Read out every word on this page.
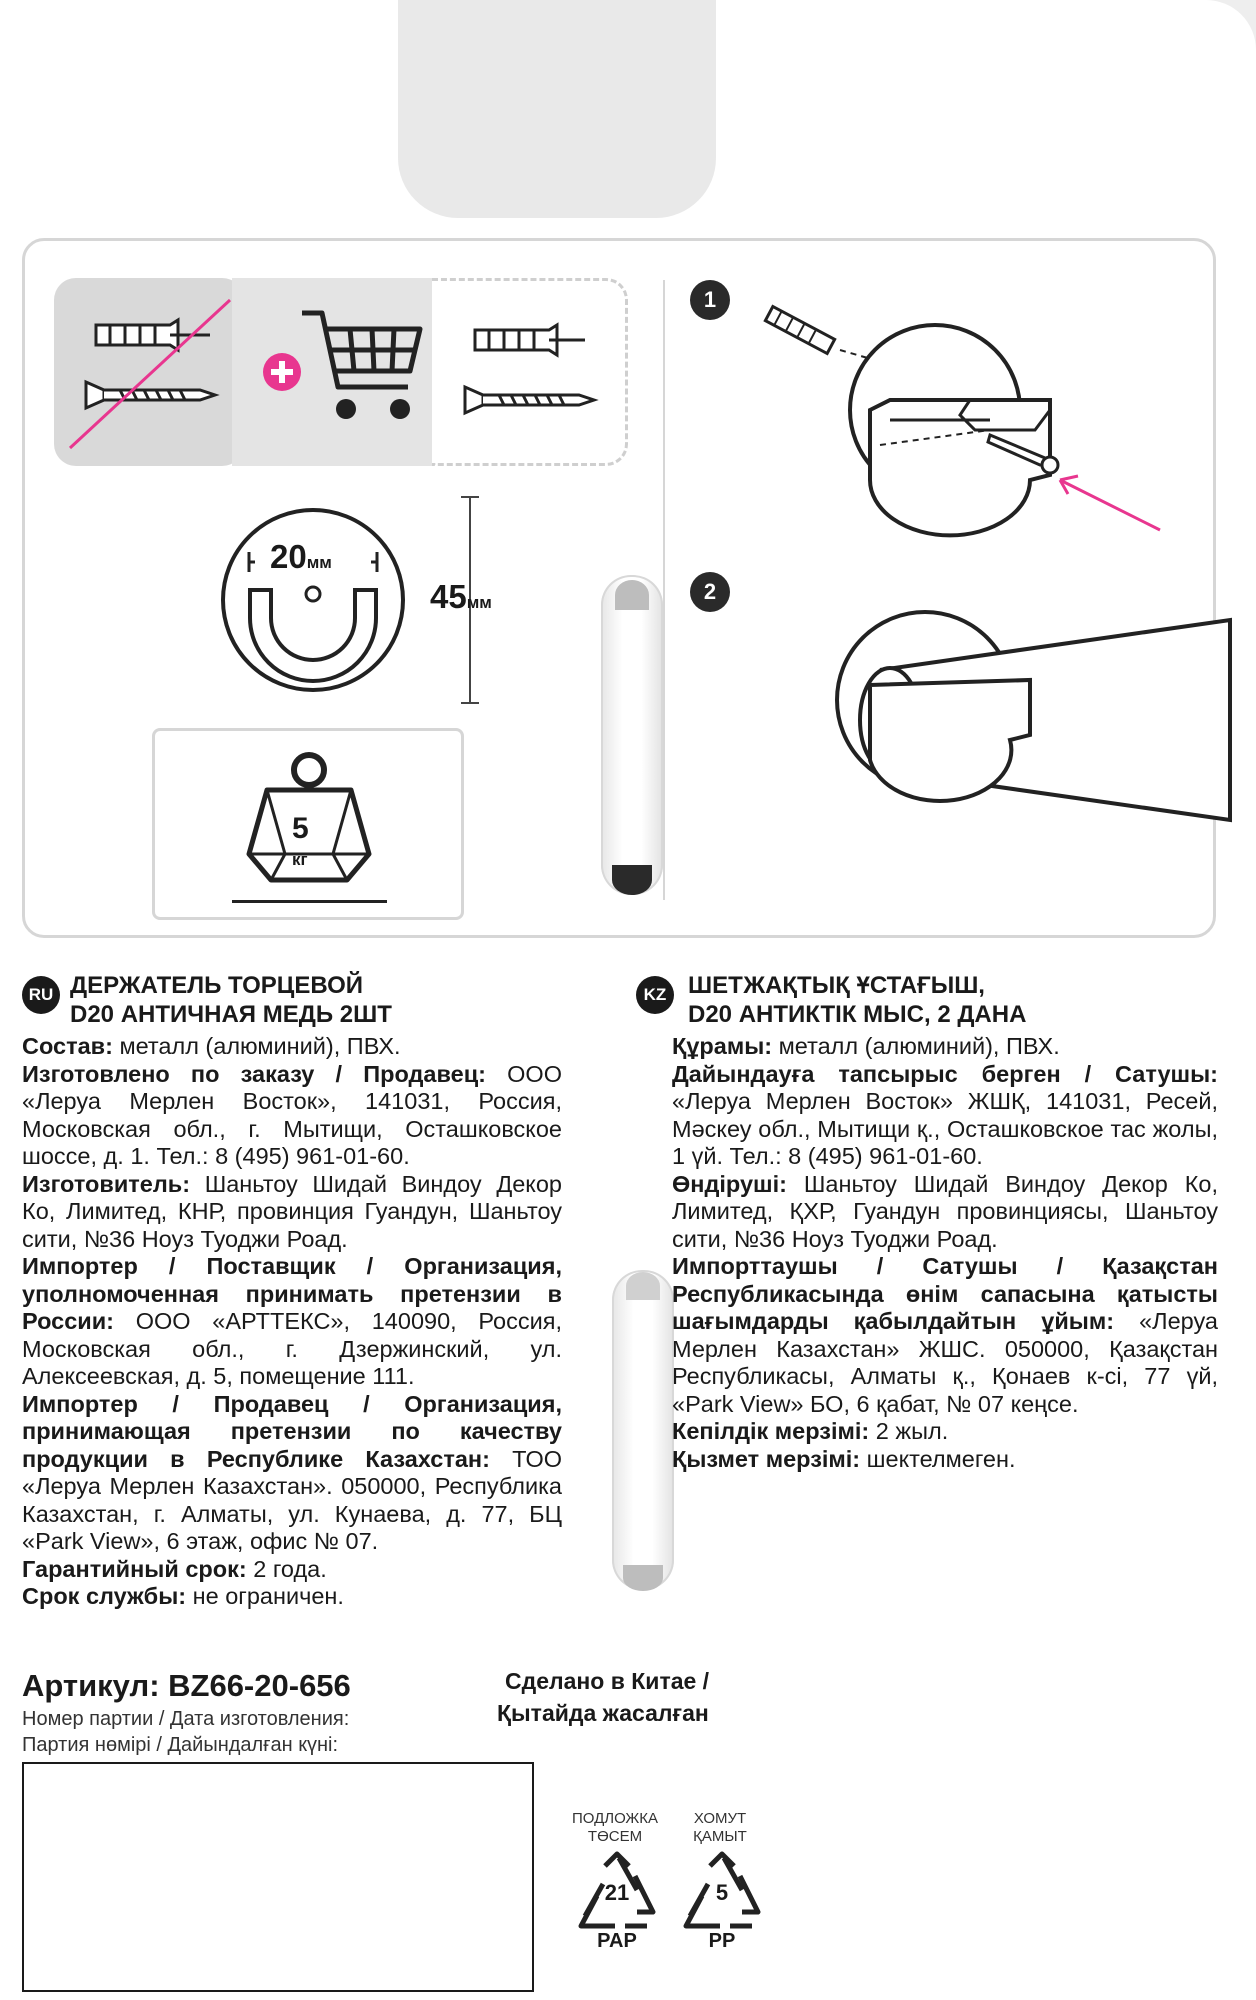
20мм
45мм
5
кг
1
2
RU ДЕРЖАТЕЛЬ ТОРЦЕВОЙ
D20 АНТИЧНАЯ МЕДЬ 2ШТ

Состав: металл (алюминий), ПВХ.

Изготовлено по заказу / Продавец: ООО «Леруа Мерлен Восток», 141031, Россия, Московская обл., г. Мытищи, Осташковское шоссе, д. 1. Тел.: 8 (495) 961-01-60.

Изготовитель: Шаньтоу Шидай Виндоу Декор Ко, Лимитед, КНР, провинция Гуандун, Шаньтоу сити, №36 Ноуз Туоджи Роад.

Импортер / Поставщик / Организация, уполномоченная принимать претензии в России: ООО «АРТТЕКС», 140090, Россия, Московская обл., г. Дзержинский, ул. Алексеевская, д. 5, помещение 111.

Импортер / Продавец / Организация, принимающая претензии по качеству продукции в Республике Казахстан: ТОО «Леруа Мерлен Казахстан». 050000, Республика Казахстан, г. Алматы, ул. Кунаева, д. 77, БЦ «Park View», 6 этаж, офис № 07.

Гарантийный срок: 2 года.

Срок службы: не ограничен.

KZ ШЕТЖАҚТЫҚ ҰСТАҒЫШ,
D20 АНТИКТІК МЫС, 2 ДАНА

Құрамы: металл (алюминий), ПВХ.

Дайындауға тапсырыс берген / Сатушы: «Леруа Мерлен Восток» ЖШҚ, 141031, Ресей, Мәскеу обл., Мытищи қ., Осташковское тас жолы, 1 үй. Тел.: 8 (495) 961-01-60.

Өндіруші: Шаньтоу Шидай Виндоу Декор Ко, Лимитед, ҚХР, Гуандун провинциясы, Шаньтоу сити, №36 Ноуз Туоджи Роад.

Импорттаушы / Сатушы / Қазақстан Республикасында өнім сапасына қатысты шағымдарды қабылдайтын ұйым: «Леруа Мерлен Казахстан» ЖШС. 050000, Қазақстан Республикасы, Алматы қ., Қонаев к-сі, 77 үй, «Park View» БО, 6 қабат, № 07 кеңсе.

Кепілдік мерзімі: 2 жыл.

Қызмет мерзімі: шектелмеген.

Артикул: BZ66-20-656
Номер партии / Дата изготовления:
Партия нөмірі / Дайындалған күні:
Сделано в Китае /
Қытайда жасалған
ПОДЛОЖКА
ТӨСЕМ
21
PAP
ХОМУТ
ҚАМЫТ
5
PP
